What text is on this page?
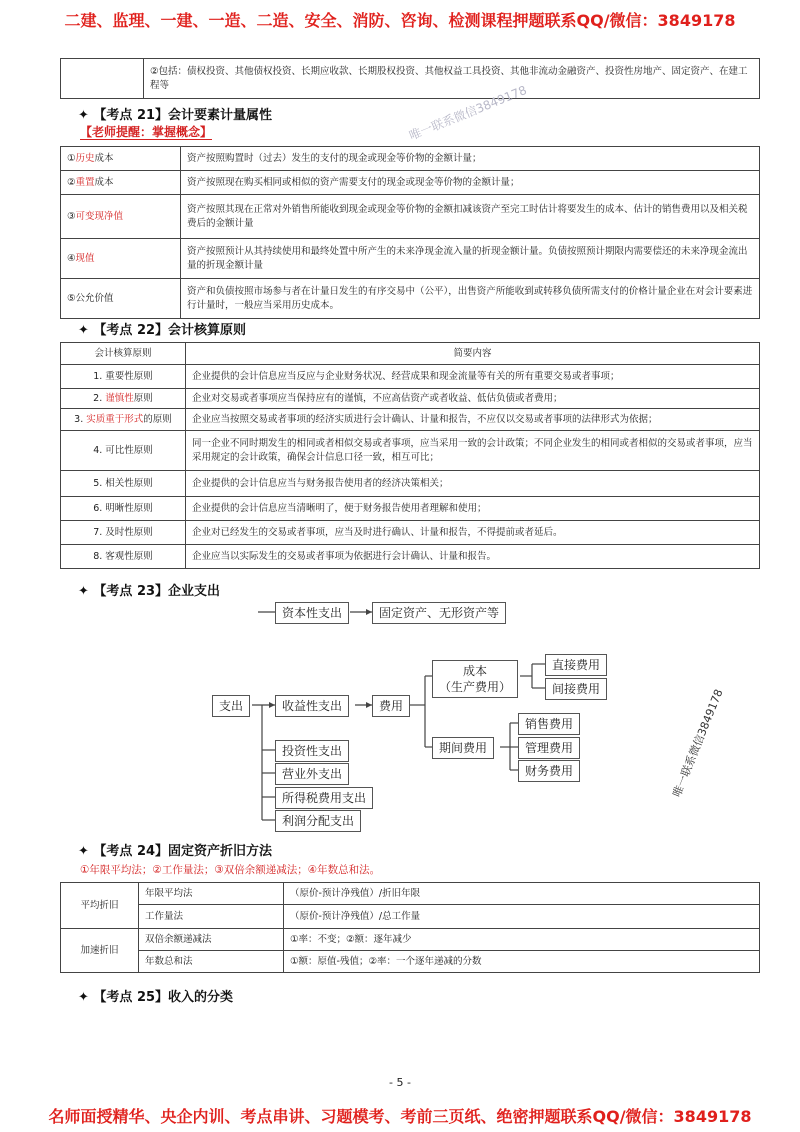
二建、监理、一建、一造、二造、安全、消防、咨询、检测课程押题联系QQ/微信：3849178
	②包括：债权投资、其他债权投资、长期应收款、长期股权投资、其他权益工具投资、其他非流动金融资产、投资性房地产、固定资产、在建工程等
✦ 【考点 21】会计要素计量属性
【老师提醒：掌握概念】
①历史成本	资产按照购置时（过去）发生的支付的现金或现金等价物的金额计量；
②重置成本	资产按照现在购买相同或相似的资产需要支付的现金或现金等价物的金额计量；
③可变现净值	资产按照其现在正常对外销售所能收到现金或现金等价物的金额扣减该资产至完工时估计将要发生的成本、估计的销售费用以及相关税费后的金额计量
④现值	资产按照预计从其持续使用和最终处置中所产生的未来净现金流入量的折现金额计量。负债按照预计期限内需要偿还的未来净现金流出量的折现金额计量
⑤公允价值	资产和负债按照市场参与者在计量日发生的有序交易中（公平），出售资产所能收到或转移负债所需支付的价格计量企业在对会计要素进行计量时，一般应当采用历史成本。
✦ 【考点 22】会计核算原则
会计核算原则	简要内容
1. 重要性原则	企业提供的会计信息应当反应与企业财务状况、经营成果和现金流量等有关的所有重要交易或者事项；
2. 谨慎性原则	企业对交易或者事项应当保持应有的谨慎，不应高估资产或者收益、低估负债或者费用；
3. 实质重于形式的原则	企业应当按照交易或者事项的经济实质进行会计确认、计量和报告，不应仅以交易或者事项的法律形式为依据；
4. 可比性原则	同一企业不同时期发生的相同或者相似交易或者事项，应当采用一致的会计政策；不同企业发生的相同或者相似的交易或者事项，应当采用规定的会计政策，确保会计信息口径一致，相互可比；
5. 相关性原则	企业提供的会计信息应当与财务报告使用者的经济决策相关；
6. 明晰性原则	企业提供的会计信息应当清晰明了，便于财务报告使用者理解和使用；
7. 及时性原则	企业对已经发生的交易或者事项，应当及时进行确认、计量和报告，不得提前或者延后。
8. 客观性原则	企业应当以实际发生的交易或者事项为依据进行会计确认、计量和报告。
✦ 【考点 23】企业支出
资本性支出	固定资产、无形资产等
支出	收益性支出	费用
成本
（生产费用）
直接费用
间接费用
期间费用
销售费用
管理费用
财务费用
投资性支出
营业外支出
所得税费用支出
利润分配支出
✦ 【考点 24】固定资产折旧方法
①年限平均法；②工作量法；③双倍余额递减法；④年数总和法。
平均折旧	年限平均法	（原价-预计净残值）/折旧年限
	工作量法	（原价-预计净残值）/总工作量
加速折旧	双倍余额递减法	①率：不变；②额：逐年减少
	年数总和法	①额：原值-残值；②率：一个逐年递减的分数
✦ 【考点 25】收入的分类
唯一联系微信3849178
唯一联系微信3849178
- 5 -
名师面授精华、央企内训、考点串讲、习题模考、考前三页纸、绝密押题联系QQ/微信：3849178
